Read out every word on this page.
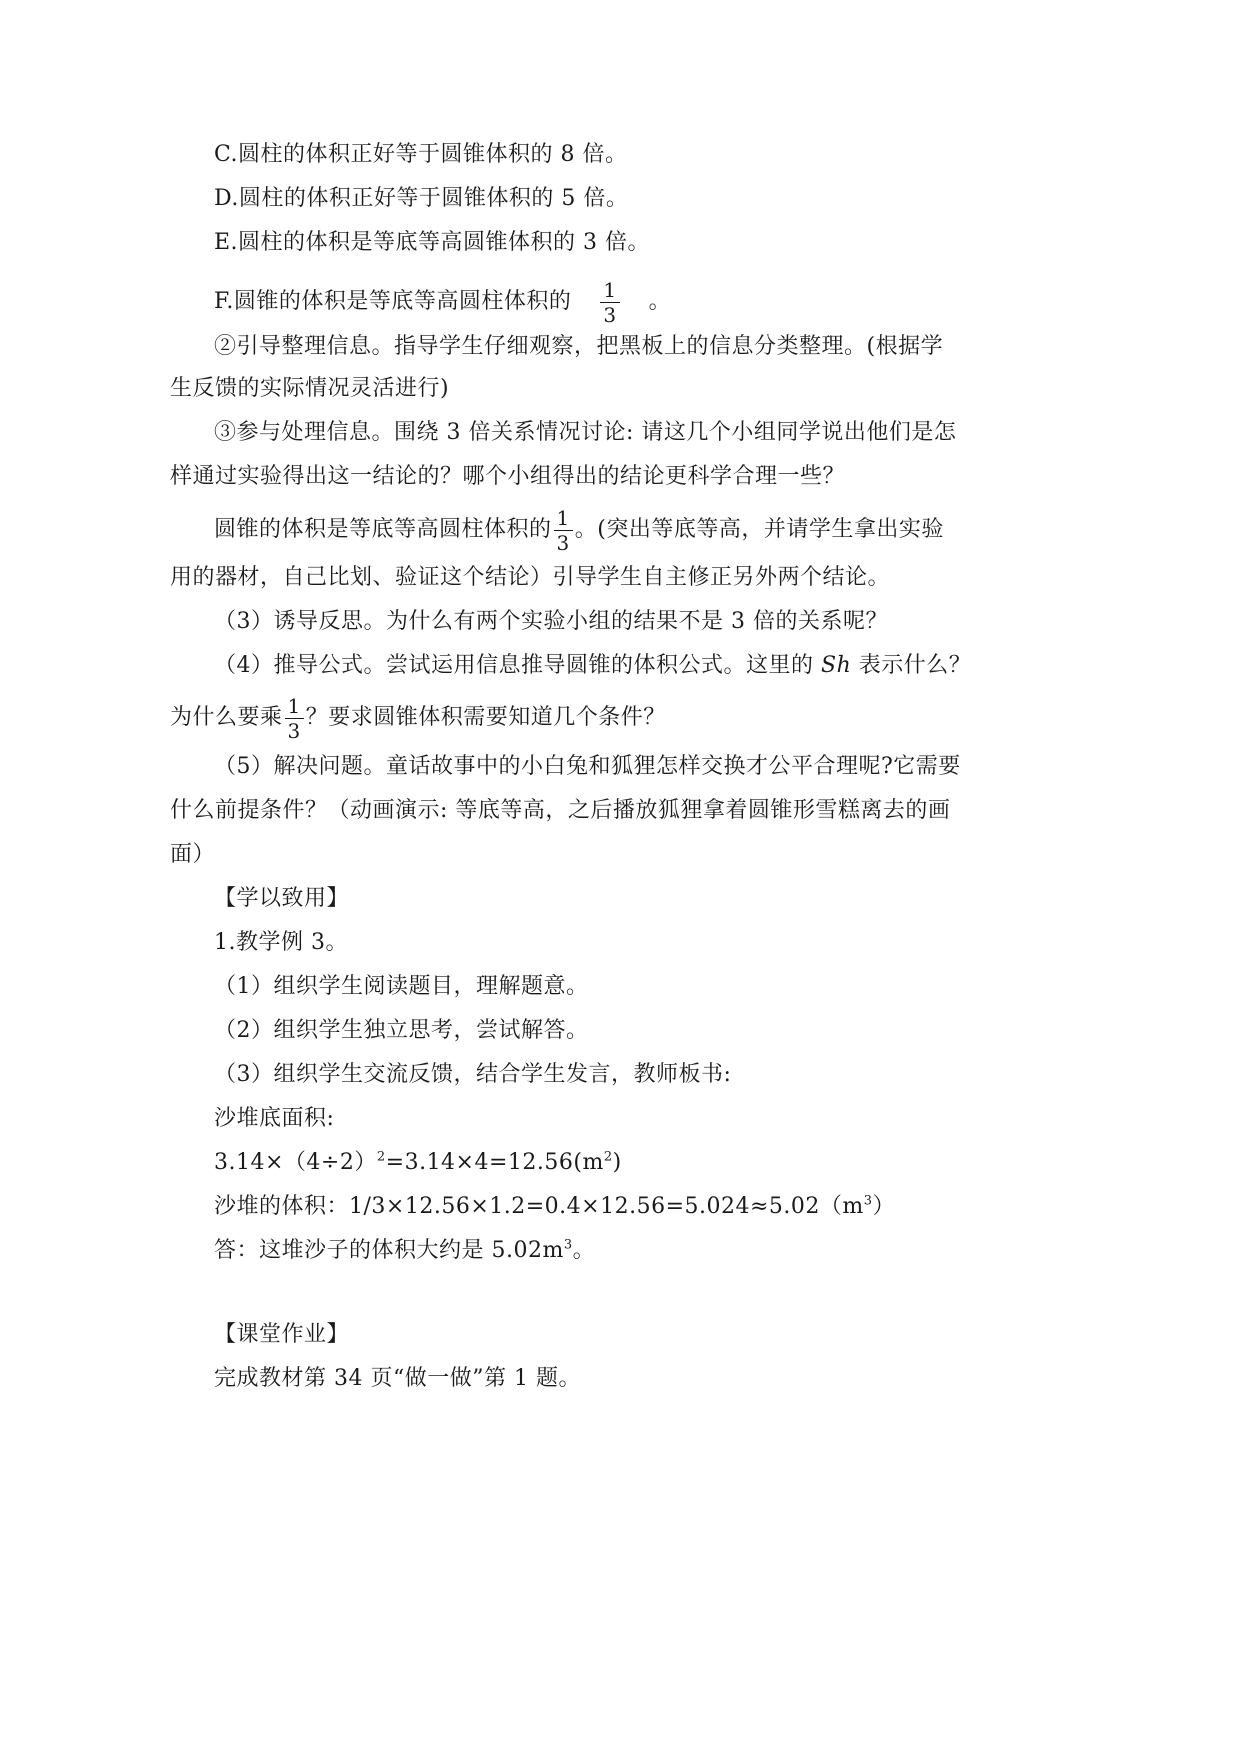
C.圆柱的体积正好等于圆锥体积的 8 倍。
D.圆柱的体积正好等于圆锥体积的 5 倍。
E.圆柱的体积是等底等高圆锥体积的 3 倍。
F.圆锥的体积是等底等高圆柱体积的 $\frac{1}{3}$ 。
②引导整理信息。指导学生仔细观察，把黑板上的信息分类整理。(根据学
生反馈的实际情况灵活进行)
③参与处理信息。围绕 3 倍关系情况讨论: 请这几个小组同学说出他们是怎
样通过实验得出这一结论的？哪个小组得出的结论更科学合理一些？
圆锥的体积是等底等高圆柱体积的 $\frac{1}{3}$ 。(突出等底等高，并请学生拿出实验
用的器材，自己比划、验证这个结论）引导学生自主修正另外两个结论。
（3）诱导反思。为什么有两个实验小组的结果不是 3 倍的关系呢？
（4）推导公式。尝试运用信息推导圆锥的体积公式。这里的 Sh 表示什么？
为什么要乘 $\frac{1}{3}$ ？要求圆锥体积需要知道几个条件？
（5）解决问题。童话故事中的小白兔和狐狸怎样交换才公平合理呢?它需要
什么前提条件？（动画演示: 等底等高，之后播放狐狸拿着圆锥形雪糕离去的画
面）
【学以致用】
1.教学例 3。
（1）组织学生阅读题目，理解题意。
（2）组织学生独立思考，尝试解答。
（3）组织学生交流反馈，结合学生发言，教师板书:
沙堆底面积:
$3.14\times(4\div 2)^2=3.14\times 4=12.56(m^2)$
沙堆的体积：$1/3\times 12.56\times 1.2=0.4\times 12.56=5.024\approx 5.02(m^3)$
答：这堆沙子的体积大约是 $5.02m^3$。
【课堂作业】
完成教材第 34 页“做一做”第 1 题。
